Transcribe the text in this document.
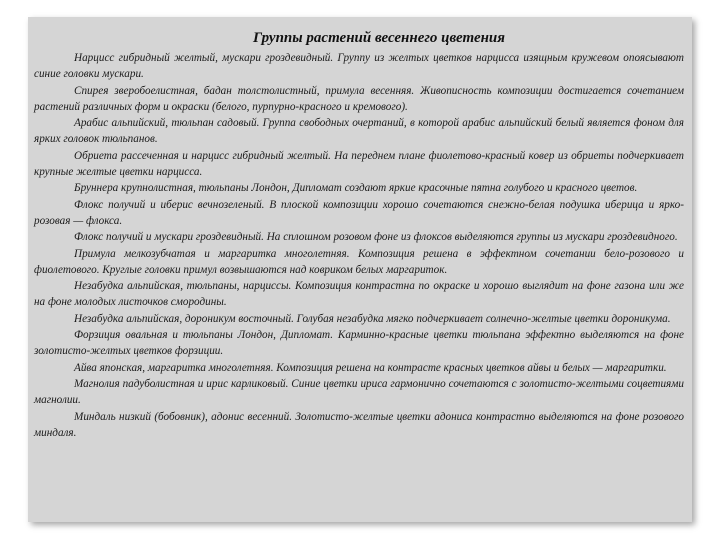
Группы растений весеннего цветения

Нарцисс гибридный желтый, мускари гроздевидный. Группу из желтых цветков нарцисса изящным кружевом опоясывают синие головки мускари.

Спирея зверобоелистная, бадан толстолистный, примула весенняя. Живописность композиции достигается сочетанием растений различных форм и окраски (белого, пурпурно-красного и кремового).

Арабис альпийский, тюльпан садовый. Группа свободных очертаний, в которой арабис альпийский белый является фоном для ярких головок тюльпанов.

Обриета рассеченная и нарцисс гибридный желтый. На переднем плане фиолетово-красный ковер из обриеты подчеркивает крупные желтые цветки нарцисса.

Бруннера крупнолистная, тюльпаны Лондон, Дипломат создают яркие красочные пятна голубого и красного цветов.

Флокс получий и иберис вечнозеленый. В плоской композиции хорошо сочетаются снежно-белая подушка иберица и ярко-розовая — флокса.

Флокс получий и мускари гроздевидный. На сплошном розовом фоне из флоксов выделяются группы из мускари гроздевидного.

Примула мелкозубчатая и маргаритка многолетняя. Композиция решена в эффектном сочетании бело-розового и фиолетового. Круглые головки примул возвышаются над ковриком белых маргариток.

Незабудка альпийская, тюльпаны, нарциссы. Композиция контрастна по окраске и хорошо выглядит на фоне газона или же на фоне молодых листочков смородины.

Незабудка альпийская, дороникум восточный. Голубая незабудка мягко подчеркивает солнечно-желтые цветки дороникума.

Форзиция овальная и тюльпаны Лондон, Дипломат. Карминно-красные цветки тюльпана эффектно выделяются на фоне золотисто-желтых цветков форзиции.

Айва японская, маргаритка многолетняя. Композиция решена на контрасте красных цветков айвы и белых — маргаритки.

Магнолия падуболистная и ирис карликовый. Синие цветки ириса гармонично сочетаются с золотисто-желтыми соцветиями магнолии.

Миндаль низкий (бобовник), адонис весенний. Золотисто-желтые цветки адониса контрастно выделяются на фоне розового миндаля.
